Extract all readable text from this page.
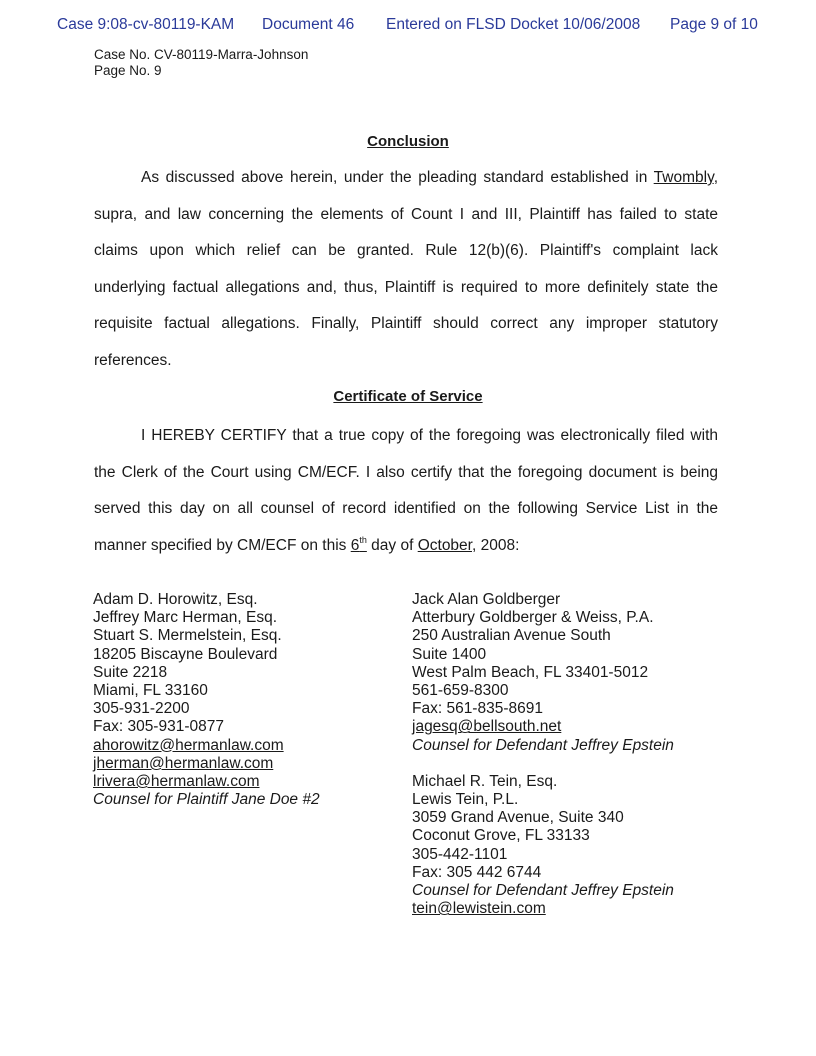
Case 9:08-cv-80119-KAM Document 46 Entered on FLSD Docket 10/06/2008 Page 9 of 10
Case No. CV-80119-Marra-Johnson
Page No. 9
Conclusion
As discussed above herein, under the pleading standard established in Twombly,
supra, and law concerning the elements of Count I and III, Plaintiff has failed to state
claims upon which relief can be granted. Rule 12(b)(6). Plaintiff's complaint lack
underlying factual allegations and, thus, Plaintiff is required to more definitely state the
requisite factual allegations. Finally, Plaintiff should correct any improper statutory
references.
Certificate of Service
I HEREBY CERTIFY that a true copy of the foregoing was electronically filed with
the Clerk of the Court using CM/ECF. I also certify that the foregoing document is being
served this day on all counsel of record identified on the following Service List in the
manner specified by CM/ECF on this 6th day of October, 2008:
Adam D. Horowitz, Esq.
Jeffrey Marc Herman, Esq.
Stuart S. Mermelstein, Esq.
18205 Biscayne Boulevard
Suite 2218
Miami, FL 33160
305-931-2200
Fax: 305-931-0877
ahorowitz@hermanlaw.com
jherman@hermanlaw.com
lrivera@hermanlaw.com
Counsel for Plaintiff Jane Doe #2
Jack Alan Goldberger
Atterbury Goldberger & Weiss, P.A.
250 Australian Avenue South
Suite 1400
West Palm Beach, FL 33401-5012
561-659-8300
Fax: 561-835-8691
jagesq@bellsouth.net
Counsel for Defendant Jeffrey Epstein
Michael R. Tein, Esq.
Lewis Tein, P.L.
3059 Grand Avenue, Suite 340
Coconut Grove, FL 33133
305-442-1101
Fax: 305 442 6744
Counsel for Defendant Jeffrey Epstein
tein@lewistein.com
